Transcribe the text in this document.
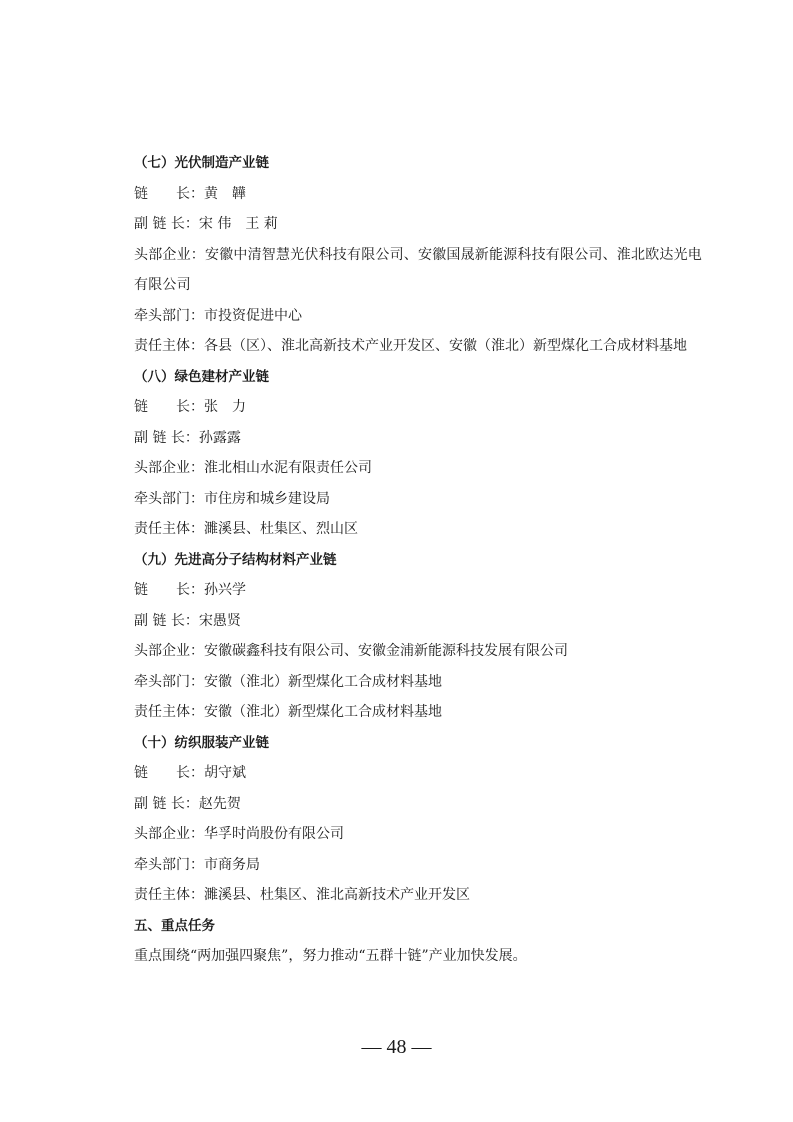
（七）光伏制造产业链
链　　长：黄　韡
副 链 长：宋 伟　王 莉
头部企业：安徽中清智慧光伏科技有限公司、安徽国晟新能源科技有限公司、淮北欧达光电有限公司
牵头部门：市投资促进中心
责任主体：各县（区）、淮北高新技术产业开发区、安徽（淮北）新型煤化工合成材料基地
（八）绿色建材产业链
链　　长：张　力
副 链 长：孙露露
头部企业：淮北相山水泥有限责任公司
牵头部门：市住房和城乡建设局
责任主体：濉溪县、杜集区、烈山区
（九）先进高分子结构材料产业链
链　　长：孙兴学
副 链 长：宋愚贤
头部企业：安徽碳鑫科技有限公司、安徽金浦新能源科技发展有限公司
牵头部门：安徽（淮北）新型煤化工合成材料基地
责任主体：安徽（淮北）新型煤化工合成材料基地
（十）纺织服装产业链
链　　长：胡守斌
副 链 长：赵先贺
头部企业：华孚时尚股份有限公司
牵头部门：市商务局
责任主体：濉溪县、杜集区、淮北高新技术产业开发区
五、重点任务
重点围绕“两加强四聚焦”，努力推动“五群十链”产业加快发展。
— 48 —
